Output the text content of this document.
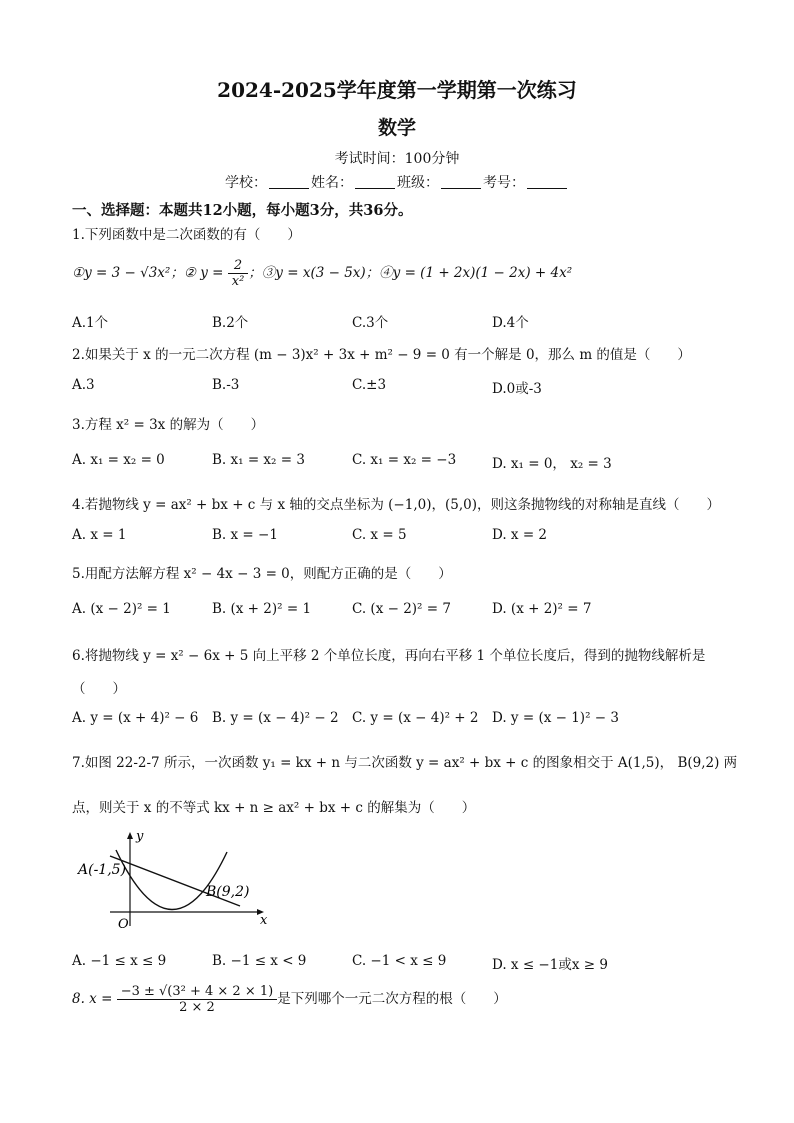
2024-2025学年度第一学期第一次练习
数学
考试时间：100分钟
学校：	姓名：	班级：	考号：
一、选择题：本题共12小题，每小题3分，共36分。
1.下列函数中是二次函数的有（　　）
①y = 3 − √3x²；② $y = \frac{2}{\text{x²}}$ ；③y = x(3 − 5x)；④y = (1 + 2x)(1 − 2x) + 4x²
A.1个	B.2个	C.3个	D.4个
2.如果关于 x 的一元二次方程 (m − 3)x² + 3x + m² − 9 = 0 有一个解是 0，那么 m 的值是（　　）
A.3	B.-3	C.±3	D.0或-3
3.方程 x² = 3x 的解为（　　）
A. x₁ = x₂ = 0	B. x₁ = x₂ = 3	C. x₁ = x₂ = −3	D. x₁ = 0， x₂ = 3
4.若抛物线 y = ax² + bx + c 与 x 轴的交点坐标为 (−1,0)，(5,0)，则这条抛物线的对称轴是直线（　　）
A. x = 1	B. x = −1	C. x = 5	D. x = 2
5.用配方法解方程 x² − 4x − 3 = 0，则配方正确的是（　　）
A. (x − 2)² = 1	B. (x + 2)² = 1	C. (x − 2)² = 7	D. (x + 2)² = 7
6.将抛物线 y = x² − 6x + 5 向上平移 2 个单位长度，再向右平移 1 个单位长度后，得到的抛物线解析是
（　　）
A. y = (x + 4)² − 6 B. y = (x − 4)² − 2 C. y = (x − 4)² + 2 D. y = (x − 1)² − 3
7.如图 22-2-7 所示，一次函数 y₁ = kx + n 与二次函数 y = ax² + bx + c 的图象相交于 A(1,5)， B(9,2) 两
点，则关于 x 的不等式 kx + n ≥ ax² + bx + c 的解集为（　　）
A(-1,5)
B(9,2)
O	x
y
A. −1 ≤ x ≤ 9	B. −1 ≤ x < 9	C. −1 < x ≤ 9	D. x ≤ −1或x ≥ 9
8. $x = \frac{\text{−3 ± √(3² + 4 × 2 × 1)}}{2 \times 2}$ 是下列哪个一元二次方程的根（　　）
